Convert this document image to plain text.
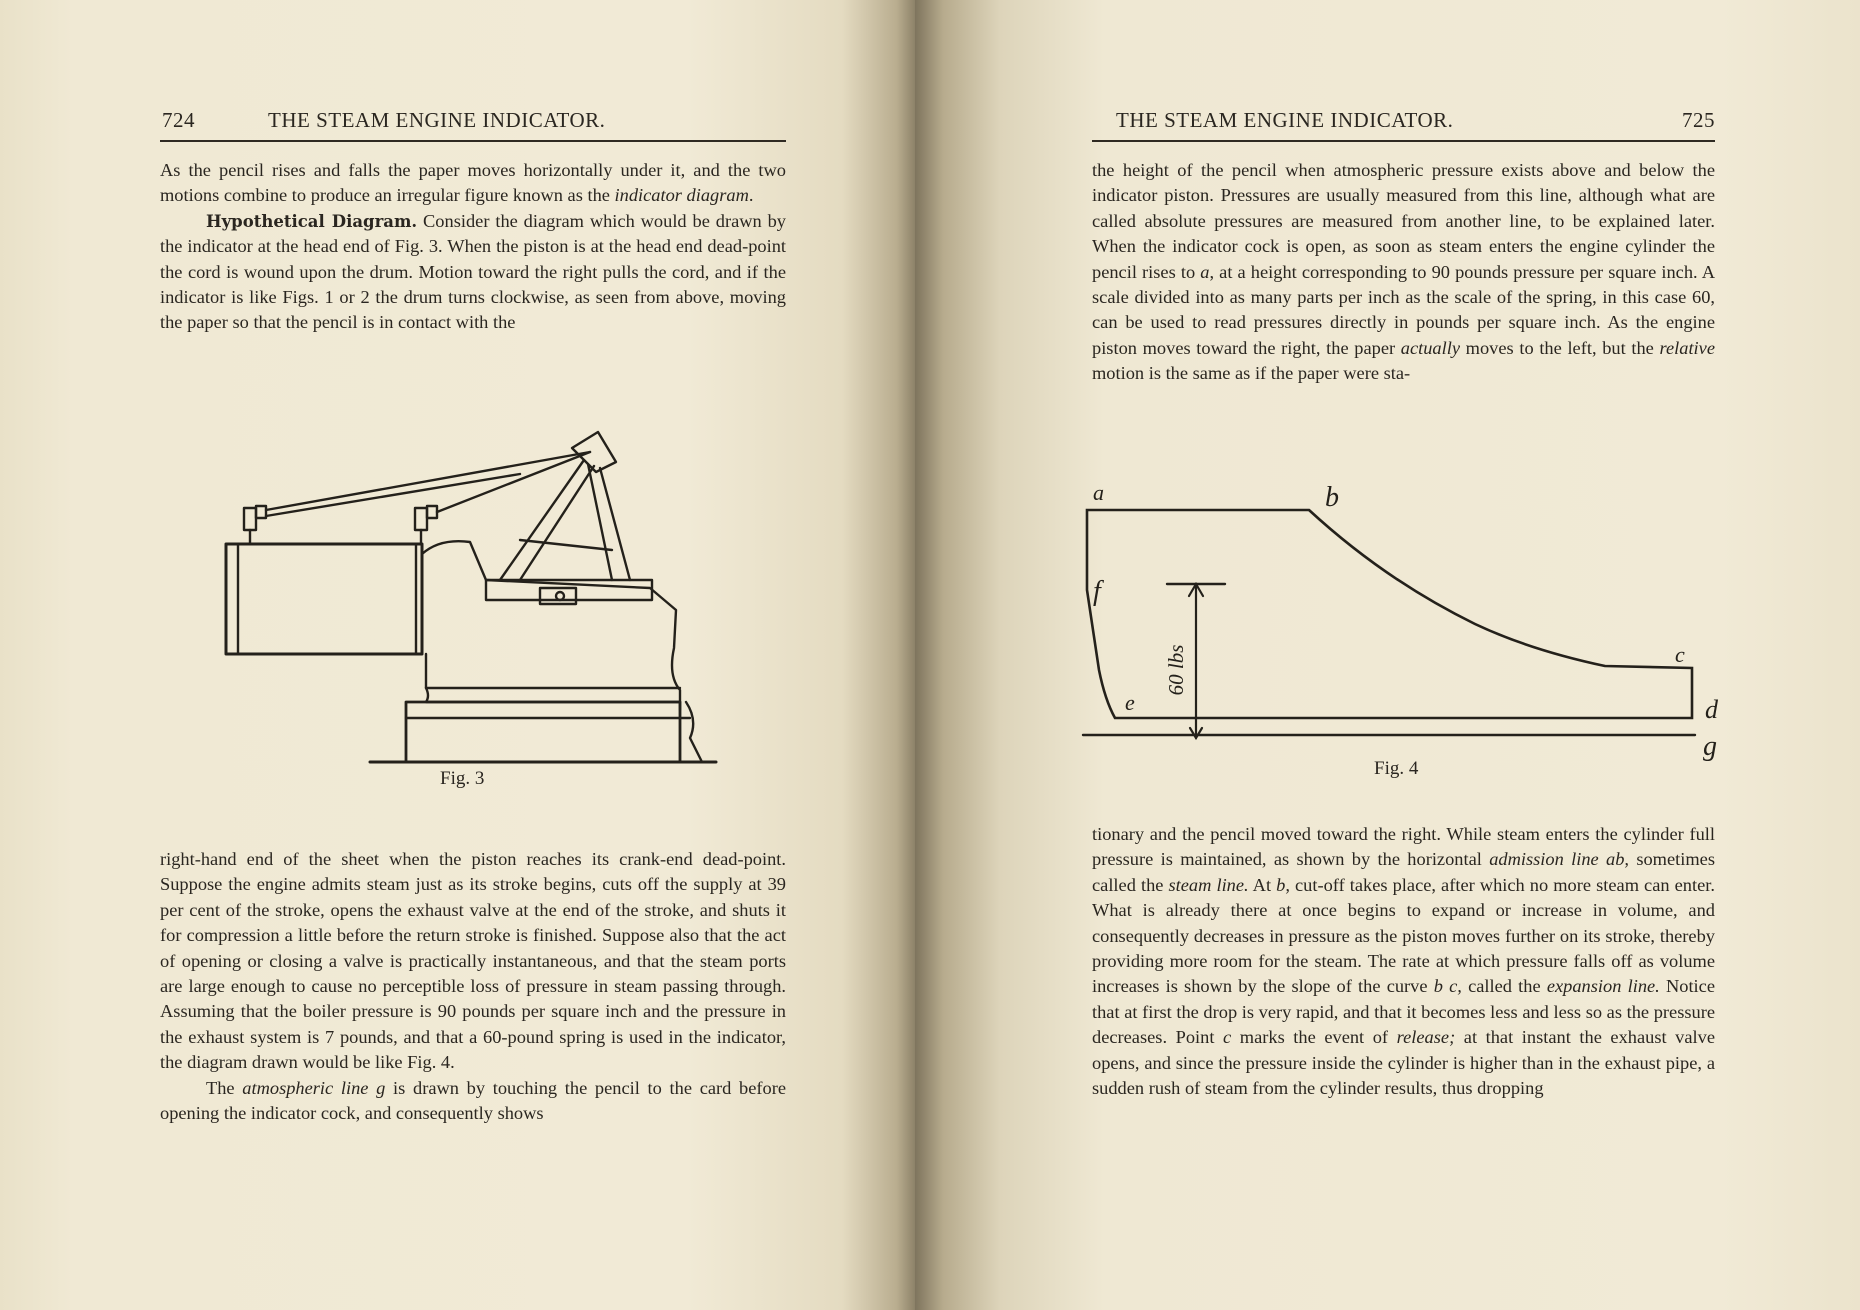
724	THE STEAM ENGINE INDICATOR.

As the pencil rises and falls the paper moves horizontally under it, and the two motions combine to produce an irregular figure known as the indicator diagram.

Hypothetical Diagram. Consider the diagram which would be drawn by the indicator at the head end of Fig. 3. When the piston is at the head end dead-point the cord is wound upon the drum. Motion toward the right pulls the cord, and if the indicator is like Figs. 1 or 2 the drum turns clockwise, as seen from above, moving the paper so that the pencil is in contact with the

Fig. 3

right-hand end of the sheet when the piston reaches its crank-end dead-point. Suppose the engine admits steam just as its stroke begins, cuts off the supply at 39 per cent of the stroke, opens the exhaust valve at the end of the stroke, and shuts it for compression a little before the return stroke is finished. Suppose also that the act of opening or closing a valve is practically instantaneous, and that the steam ports are large enough to cause no perceptible loss of pressure in steam passing through. Assuming that the boiler pressure is 90 pounds per square inch and the pressure in the exhaust system is 7 pounds, and that a 60-pound spring is used in the indicator, the diagram drawn would be like Fig. 4.

The atmospheric line g is drawn by touching the pencil to the card before opening the indicator cock, and consequently shows

THE STEAM ENGINE INDICATOR.	725

the height of the pencil when atmospheric pressure exists above and below the indicator piston. Pressures are usually measured from this line, although what are called absolute pressures are measured from another line, to be explained later. When the indicator cock is open, as soon as steam enters the engine cylinder the pencil rises to a, at a height corresponding to 90 pounds pressure per square inch. A scale divided into as many parts per inch as the scale of the spring, in this case 60, can be used to read pressures directly in pounds per square inch. As the engine piston moves toward the right, the paper actually moves to the left, but the relative motion is the same as if the paper were sta-

60 lbs
a	b
c
d
e
f
g
Fig. 4

tionary and the pencil moved toward the right. While steam enters the cylinder full pressure is maintained, as shown by the horizontal admission line ab, sometimes called the steam line. At b, cut-off takes place, after which no more steam can enter. What is already there at once begins to expand or increase in volume, and consequently decreases in pressure as the piston moves further on its stroke, thereby providing more room for the steam. The rate at which pressure falls off as volume increases is shown by the slope of the curve b c, called the expansion line. Notice that at first the drop is very rapid, and that it becomes less and less so as the pressure decreases. Point c marks the event of release; at that instant the exhaust valve opens, and since the pressure inside the cylinder is higher than in the exhaust pipe, a sudden rush of steam from the cylinder results, thus dropping
